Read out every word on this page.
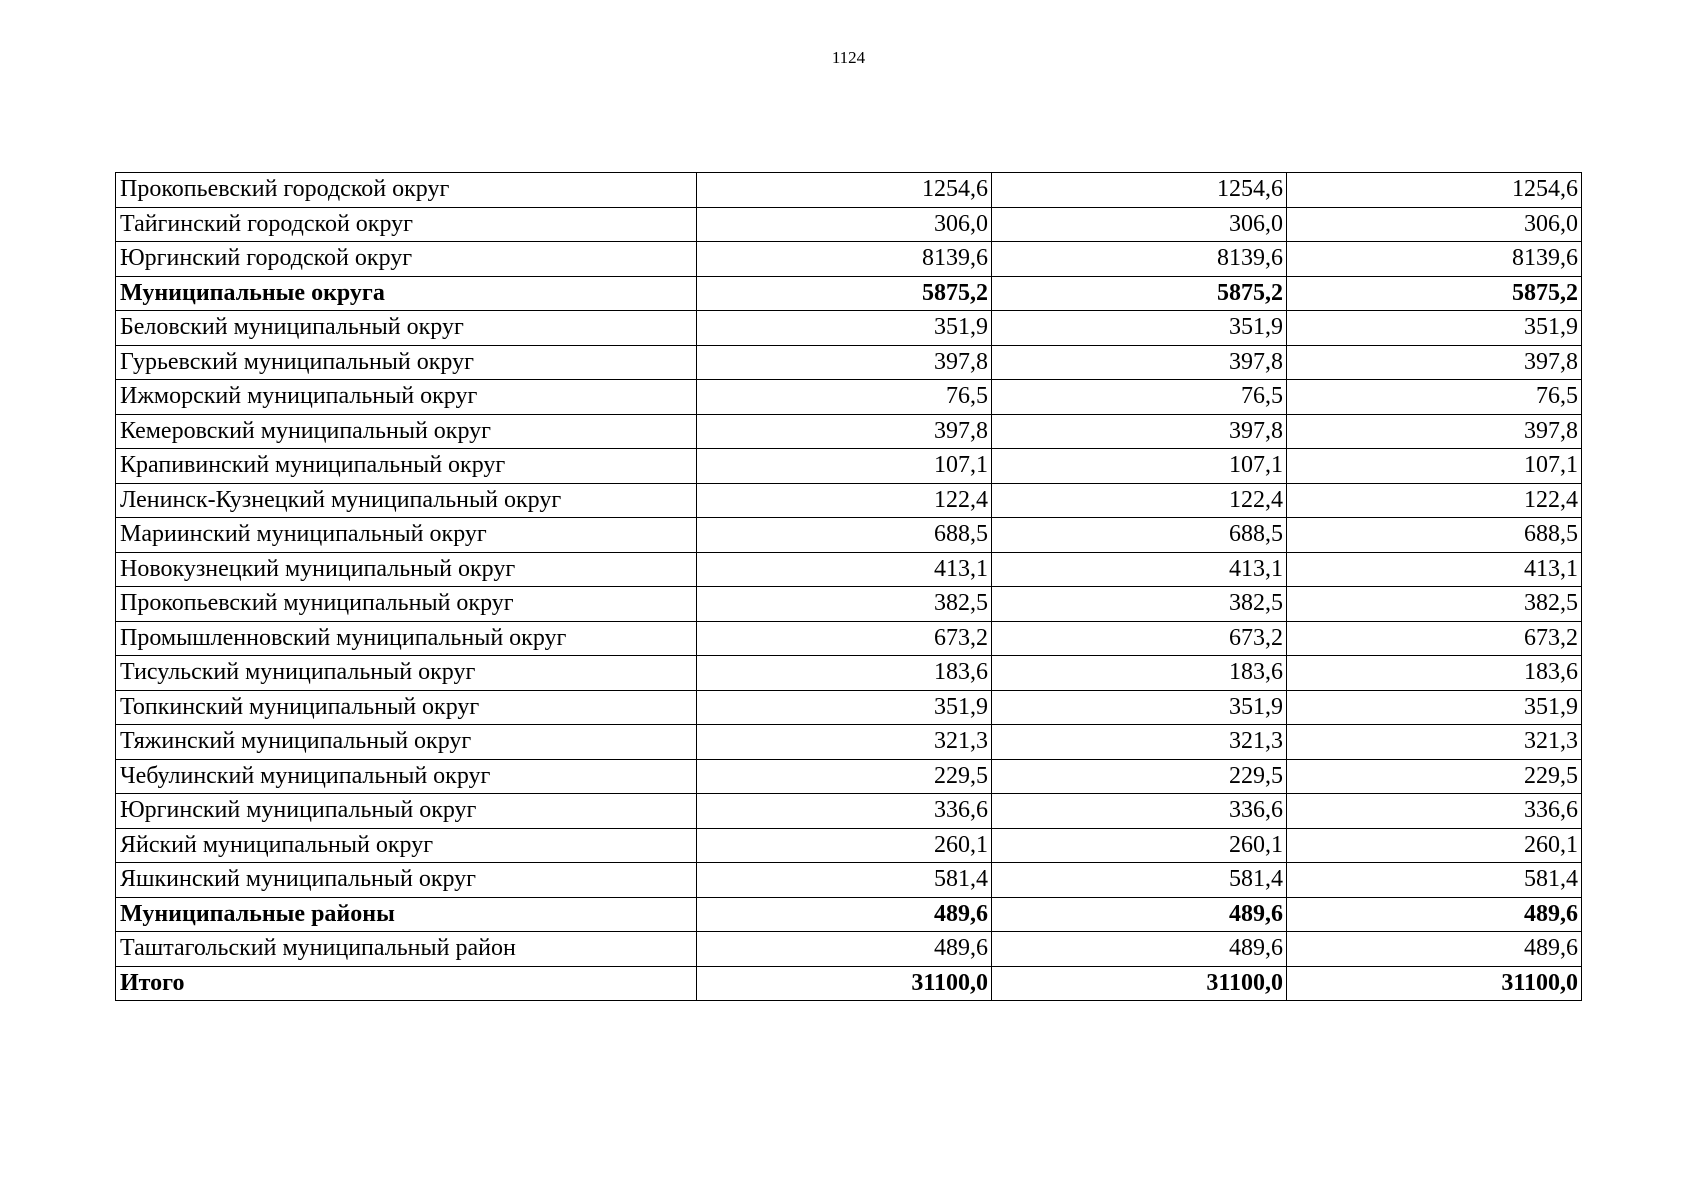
1124
Прокопьевский городской округ	1254,6	1254,6	1254,6
Тайгинский городской округ	306,0	306,0	306,0
Юргинский городской округ	8139,6	8139,6	8139,6
Муниципальные округа	5875,2	5875,2	5875,2
Беловский муниципальный округ	351,9	351,9	351,9
Гурьевский муниципальный округ	397,8	397,8	397,8
Ижморский муниципальный округ	76,5	76,5	76,5
Кемеровский муниципальный округ	397,8	397,8	397,8
Крапивинский муниципальный округ	107,1	107,1	107,1
Ленинск-Кузнецкий муниципальный округ	122,4	122,4	122,4
Мариинский муниципальный округ	688,5	688,5	688,5
Новокузнецкий муниципальный округ	413,1	413,1	413,1
Прокопьевский муниципальный округ	382,5	382,5	382,5
Промышленновский муниципальный округ	673,2	673,2	673,2
Тисульский муниципальный округ	183,6	183,6	183,6
Топкинский муниципальный округ	351,9	351,9	351,9
Тяжинский муниципальный округ	321,3	321,3	321,3
Чебулинский муниципальный округ	229,5	229,5	229,5
Юргинский муниципальный округ	336,6	336,6	336,6
Яйский муниципальный округ	260,1	260,1	260,1
Яшкинский муниципальный округ	581,4	581,4	581,4
Муниципальные районы	489,6	489,6	489,6
Таштагольский муниципальный район	489,6	489,6	489,6
Итого	31100,0	31100,0	31100,0
